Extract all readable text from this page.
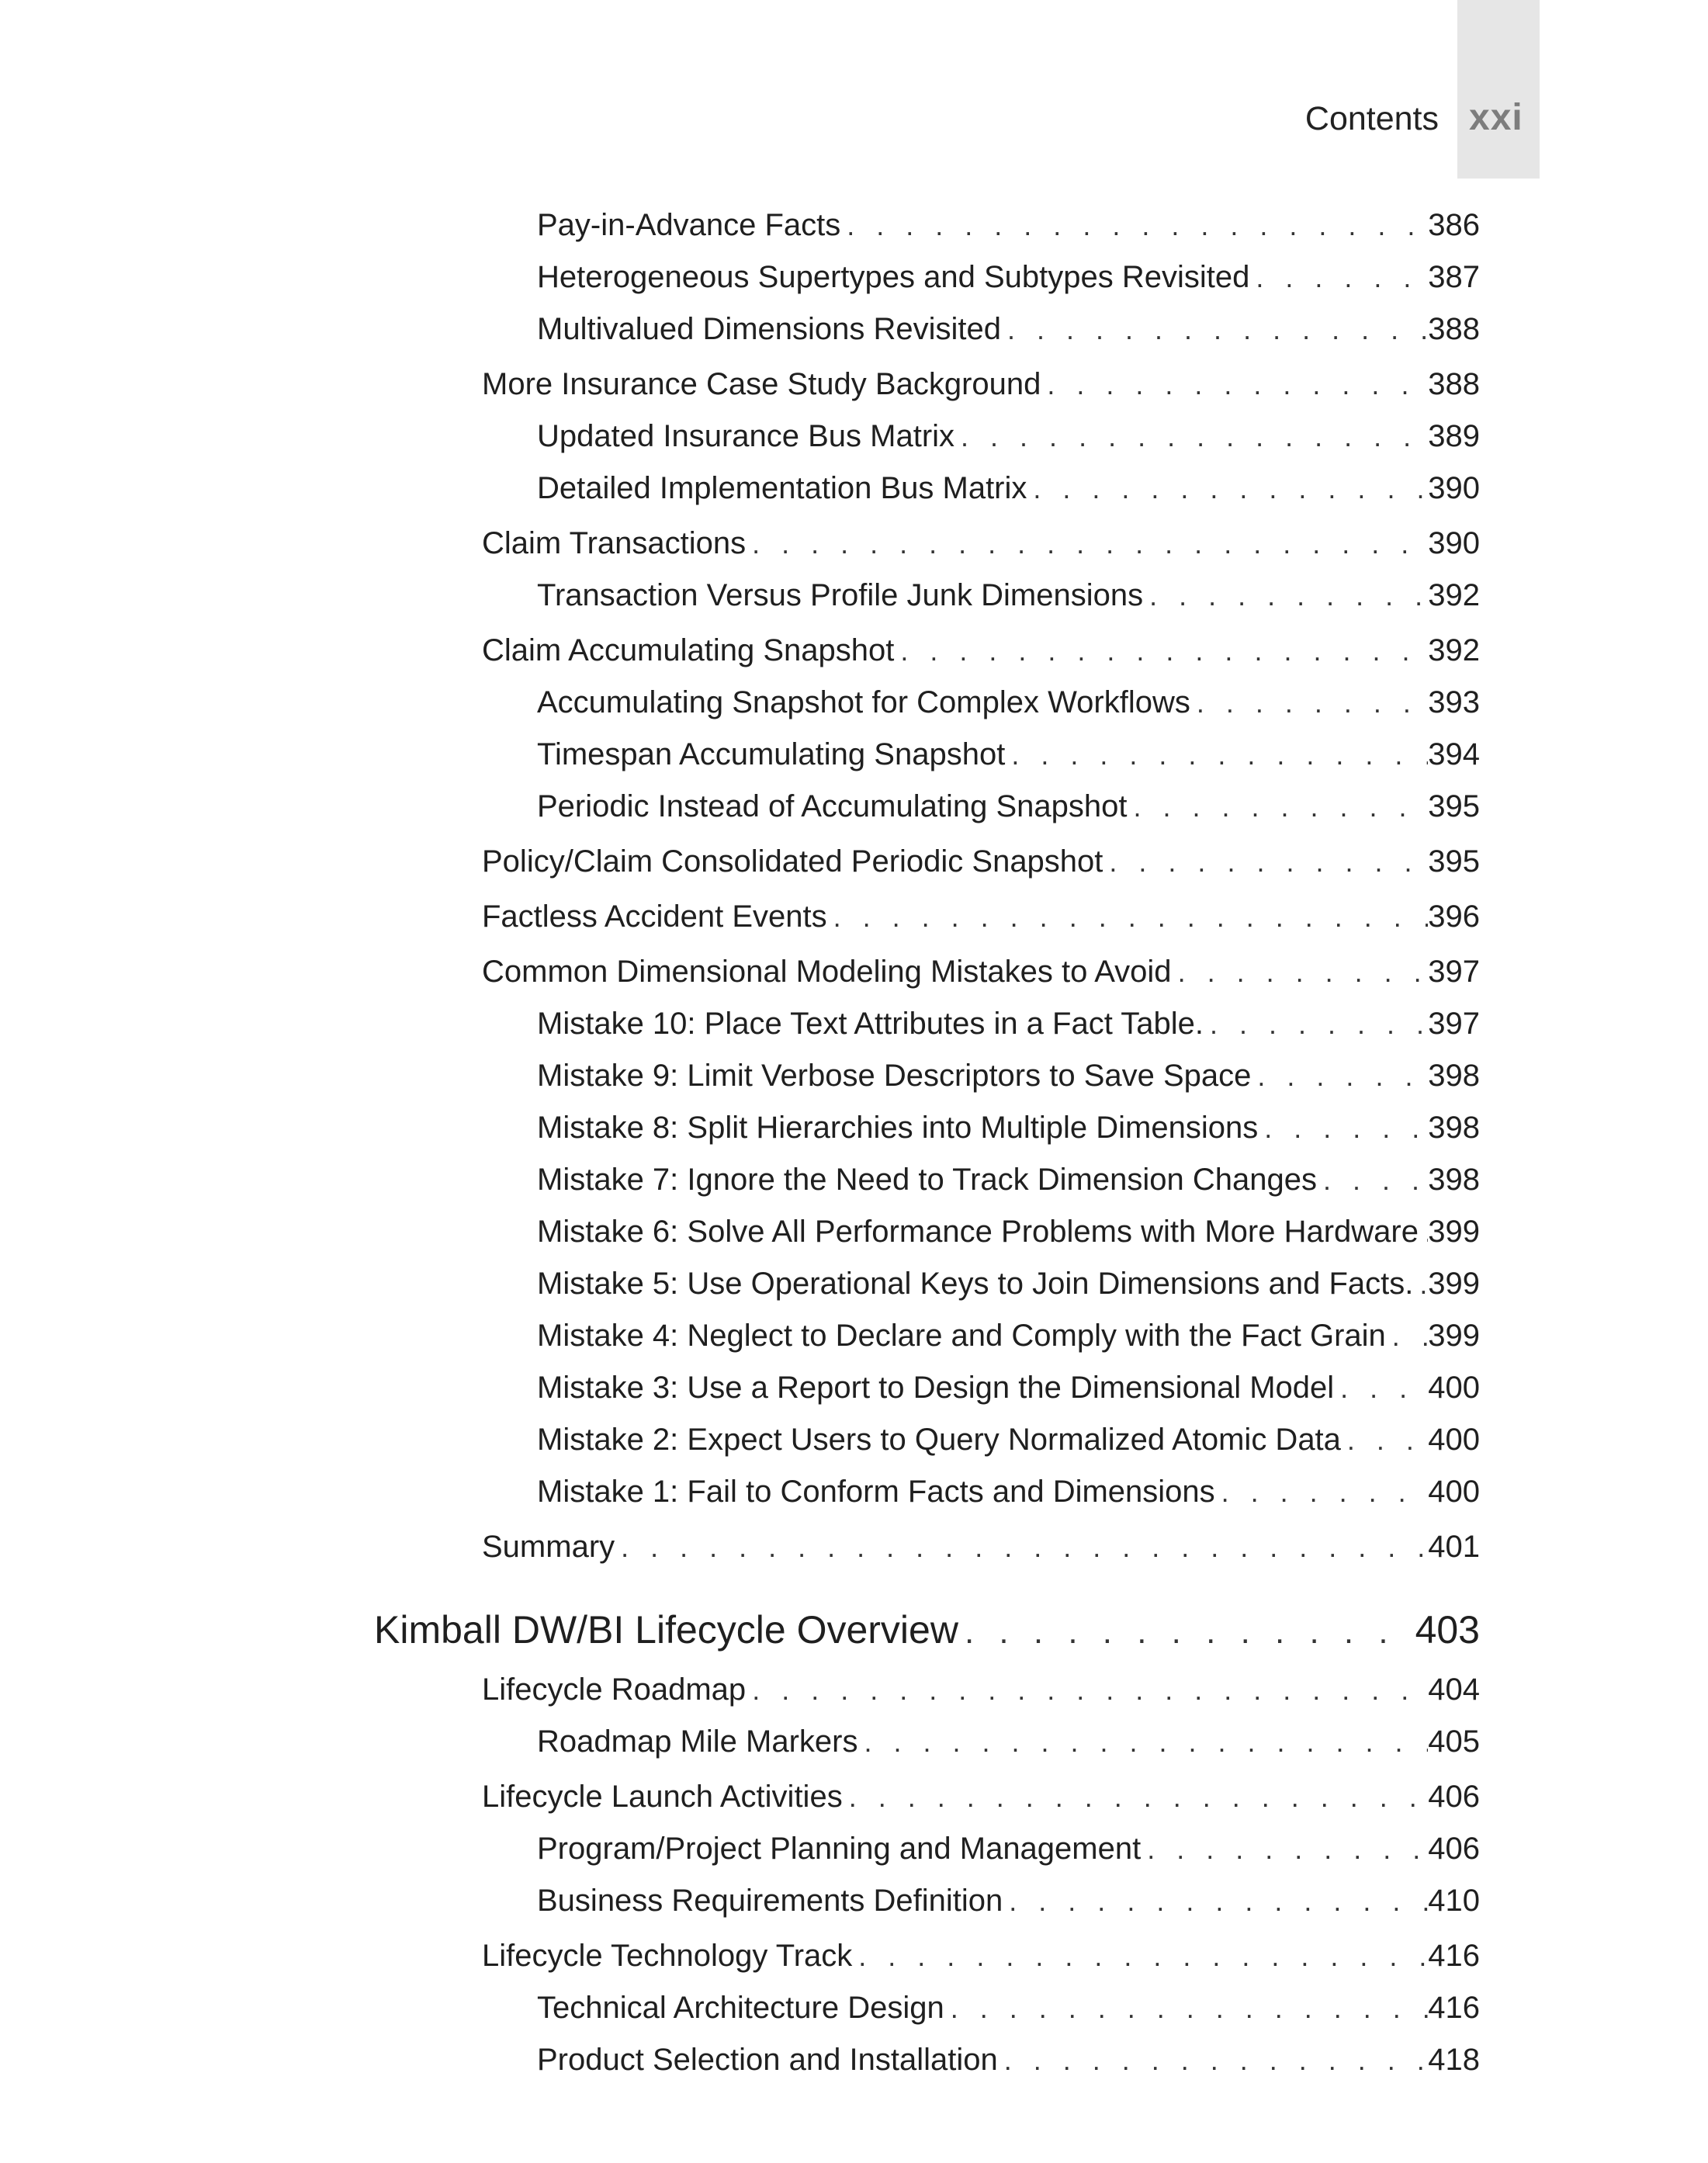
Contents xxi
Pay-in-Advance Facts . . .	386
Heterogeneous Supertypes and Subtypes Revisited . . .	387
Multivalued Dimensions Revisited . . .	388
More Insurance Case Study Background . . .	388
Updated Insurance Bus Matrix . . .	389
Detailed Implementation Bus Matrix . . .	390
Claim Transactions . . .	390
Transaction Versus Profile Junk Dimensions . . .	392
Claim Accumulating Snapshot . . .	392
Accumulating Snapshot for Complex Workflows . . .	393
Timespan Accumulating Snapshot . . .	394
Periodic Instead of Accumulating Snapshot . . .	395
Policy/Claim Consolidated Periodic Snapshot . . .	395
Factless Accident Events . . .	396
Common Dimensional Modeling Mistakes to Avoid . . .	397
Mistake 10: Place Text Attributes in a Fact Table. . . .	397
Mistake 9: Limit Verbose Descriptors to Save Space . . .	398
Mistake 8: Split Hierarchies into Multiple Dimensions . . .	398
Mistake 7: Ignore the Need to Track Dimension Changes . . .	398
Mistake 6: Solve All Performance Problems with More Hardware . . . 399
Mistake 5: Use Operational Keys to Join Dimensions and Facts. . . . 399
Mistake 4: Neglect to Declare and Comply with the Fact Grain . . . 399
Mistake 3: Use a Report to Design the Dimensional Model . . .	400
Mistake 2: Expect Users to Query Normalized Atomic Data . . .	400
Mistake 1: Fail to Conform Facts and Dimensions . . .	400
Summary . . .	401
Kimball DW/BI Lifecycle Overview . . .	403
Lifecycle Roadmap . . .	404
Roadmap Mile Markers . . .	405
Lifecycle Launch Activities . . .	406
Program/Project Planning and Management . . .	406
Business Requirements Definition . . .	410
Lifecycle Technology Track . . .	416
Technical Architecture Design . . .	416
Product Selection and Installation . . .	418
